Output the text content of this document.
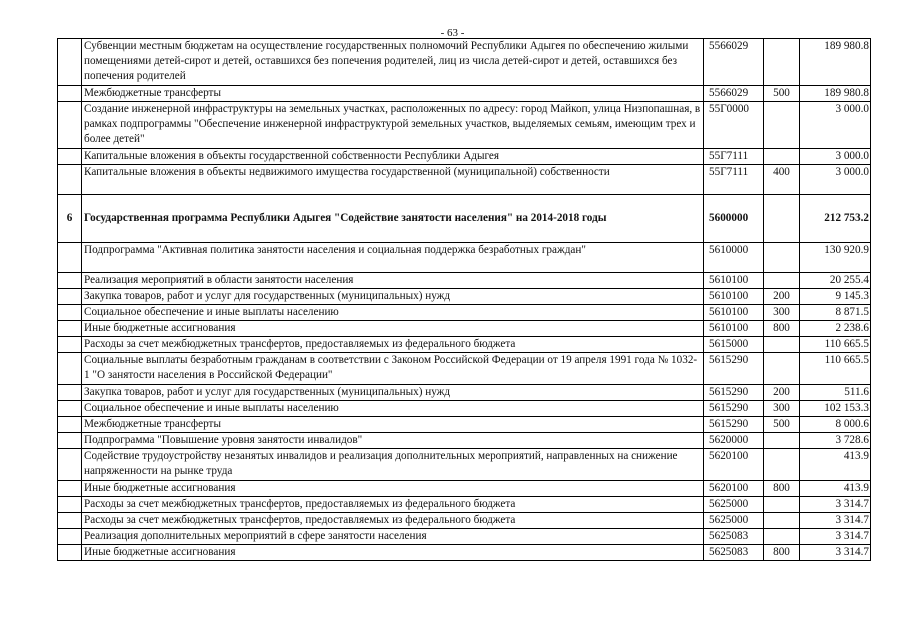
- 63 -
	Субвенции местным бюджетам на осуществление государственных полномочий Республики Адыгея по обеспечению жилыми помещениями детей-сирот и детей, оставшихся без попечения родителей, лиц из числа детей-сирот и детей, оставшихся без попечения родителей	5566029		189 980.8
	Межбюджетные трансферты	5566029	500	189 980.8
	Создание инженерной инфраструктуры на земельных участках, расположенных по адресу: город Майкоп, улица Низпопашная, в рамках подпрограммы "Обеспечение инженерной инфраструктурой земельных участков, выделяемых семьям, имеющим трех и более детей"	55Г0000		3 000.0
	Капитальные вложения в объекты государственной собственности Республики Адыгея	55Г7111		3 000.0
	Капитальные вложения в объекты недвижимого имущества государственной (муниципальной) собственности	55Г7111	400	3 000.0
6	Государственная программа Республики Адыгея "Содействие занятости населения" на 2014-2018 годы	5600000		212 753.2
	Подпрограмма "Активная политика занятости населения и социальная поддержка безработных граждан"	5610000		130 920.9
	Реализация мероприятий в области занятости населения	5610100		20 255.4
	Закупка товаров, работ и услуг для государственных (муниципальных) нужд	5610100	200	9 145.3
	Социальное обеспечение и иные выплаты населению	5610100	300	8 871.5
	Иные бюджетные ассигнования	5610100	800	2 238.6
	Расходы за счет межбюджетных трансфертов, предоставляемых из федерального бюджета	5615000		110 665.5
	Социальные выплаты безработным гражданам в соответствии с Законом Российской Федерации от 19 апреля 1991 года № 1032-1 "О занятости населения в Российской Федерации"	5615290		110 665.5
	Закупка товаров, работ и услуг для государственных (муниципальных) нужд	5615290	200	511.6
	Социальное обеспечение и иные выплаты населению	5615290	300	102 153.3
	Межбюджетные трансферты	5615290	500	8 000.6
	Подпрограмма "Повышение уровня занятости инвалидов"	5620000		3 728.6
	Содействие трудоустройству незанятых инвалидов и реализация дополнительных мероприятий, направленных на снижение напряженности на рынке труда	5620100		413.9
	Иные бюджетные ассигнования	5620100	800	413.9
	Расходы за счет межбюджетных трансфертов, предоставляемых из федерального бюджета	5625000		3 314.7
	Расходы за счет межбюджетных трансфертов, предоставляемых из федерального бюджета	5625000		3 314.7
	Реализация дополнительных мероприятий в сфере занятости населения	5625083		3 314.7
	Иные бюджетные ассигнования	5625083	800	3 314.7
